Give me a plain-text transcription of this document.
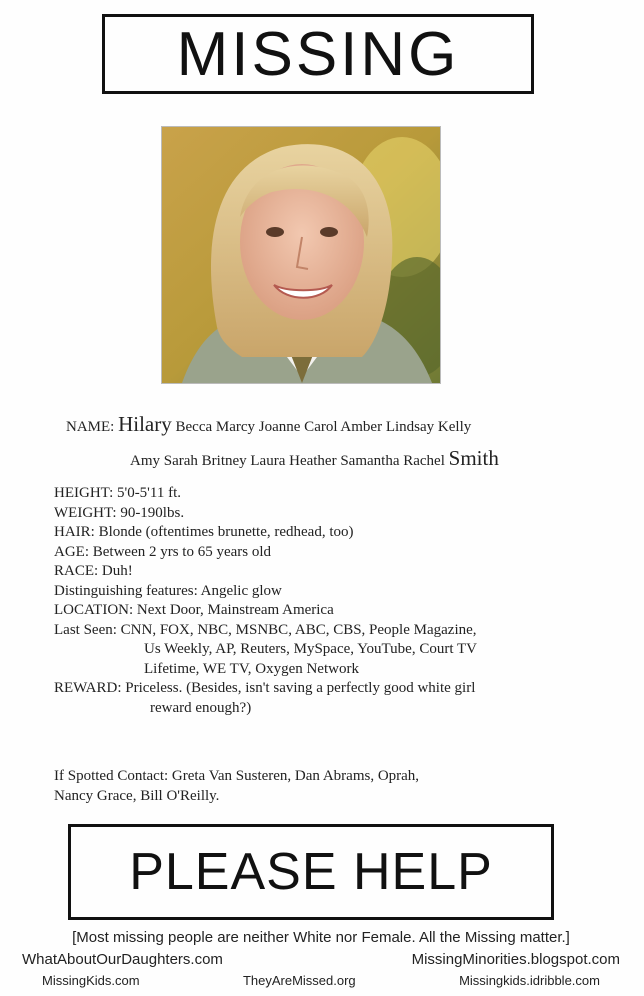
MISSING
NAME: Hilary Becca Marcy Joanne Carol Amber Lindsay Kelly
Amy Sarah Britney Laura Heather Samantha Rachel Smith
HEIGHT: 5'0-5'11 ft.
WEIGHT: 90-190lbs.
HAIR: Blonde (oftentimes brunette, redhead, too)
AGE: Between 2 yrs to 65 years old
RACE: Duh!
Distinguishing features: Angelic glow
LOCATION: Next Door, Mainstream America
Last Seen: CNN, FOX, NBC, MSNBC, ABC, CBS, People Magazine,
Us Weekly, AP, Reuters, MySpace, YouTube, Court TV
Lifetime, WE TV, Oxygen Network
REWARD: Priceless. (Besides, isn't saving a perfectly good white girl
reward enough?)
If Spotted Contact: Greta Van Susteren, Dan Abrams, Oprah,
Nancy Grace, Bill O'Reilly.
PLEASE HELP
[Most missing people are neither White nor Female. All the Missing matter.]
WhatAboutOurDaughters.com	MissingMinorities.blogspot.com
MissingKids.com	TheyAreMissed.org	Missingkids.idribble.com
